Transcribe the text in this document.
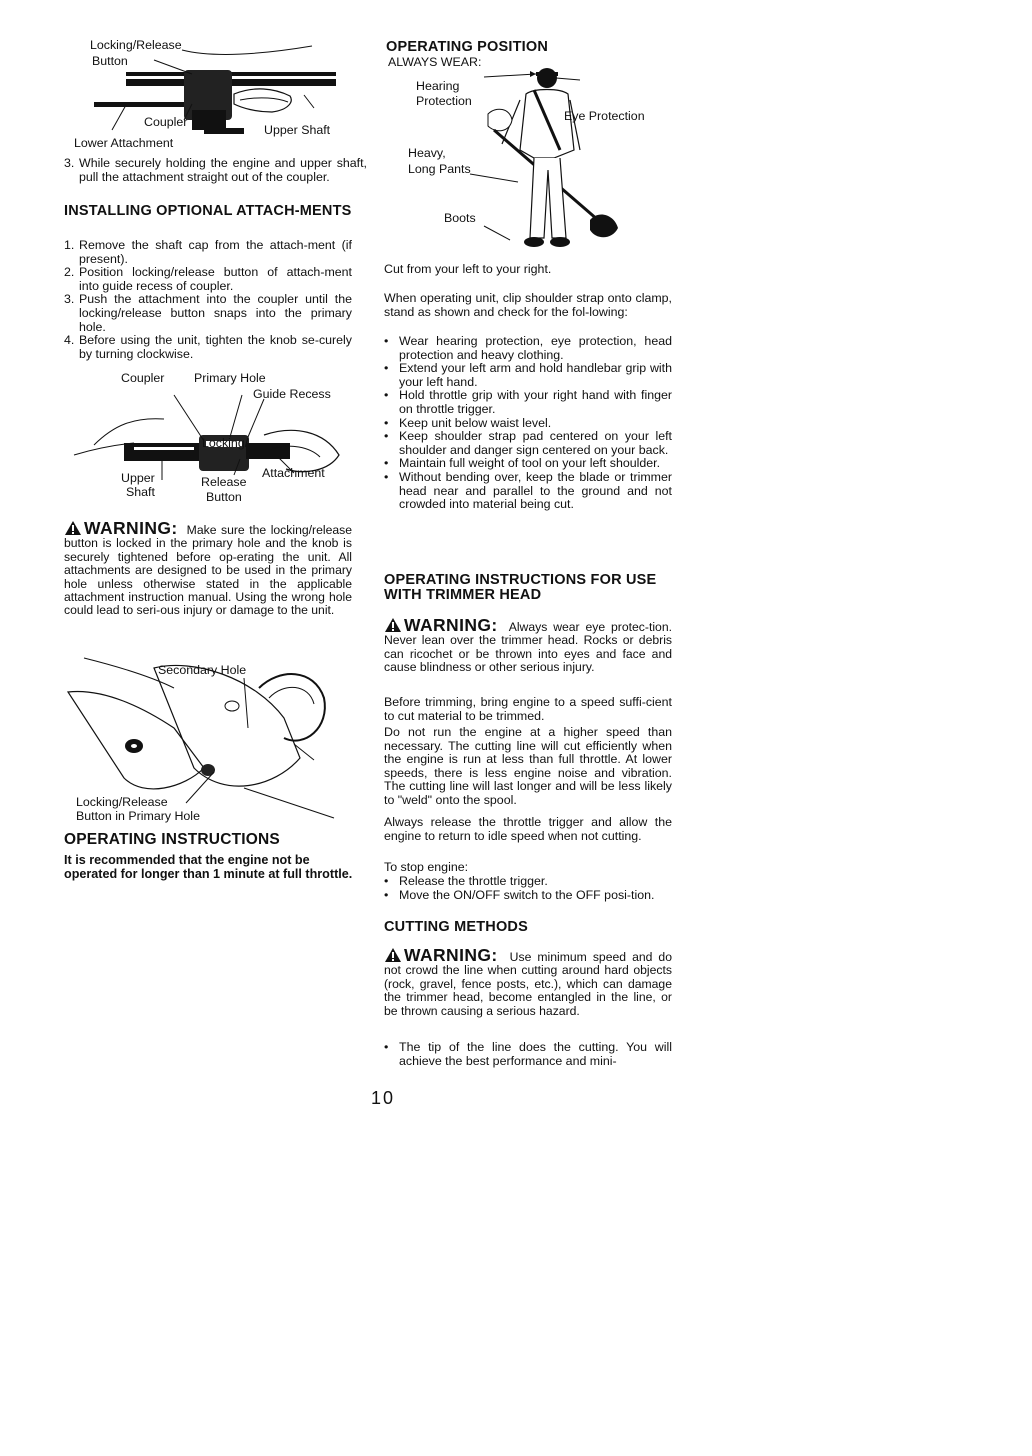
Locking/Release
Button
Coupler
Upper Shaft
Lower Attachment
3. While securely holding the engine and upper shaft, pull the attachment straight out of the coupler.
INSTALLING OPTIONAL ATTACH-MENTS
1. Remove the shaft cap from the attach-ment (if present).
2. Position locking/release button of attach-ment into guide recess of coupler.
3. Push the attachment into the coupler until the locking/release button snaps into the primary hole.
4. Before using the unit, tighten the knob se-curely by turning clockwise.
Coupler Primary Hole
Guide Recess
Locking/
Attachment
Upper	Release
Shaft	Button
WARNING: Make sure the locking/release button is locked in the primary hole and the knob is securely tightened before op-erating the unit. All attachments are designed to be used in the primary hole unless otherwise stated in the applicable attachment instruction manual. Using the wrong hole could lead to seri-ous injury or damage to the unit.
Secondary Hole
Locking/Release
Button in Primary Hole
OPERATING INSTRUCTIONS
It is recommended that the engine not be operated for longer than 1 minute at full throttle.
OPERATING POSITION
ALWAYS WEAR:
Hearing
Protection
Eye Protection
Heavy,
Long Pants
Boots
Cut from your left to your right.
When operating unit, clip shoulder strap onto clamp, stand as shown and check for the fol-lowing:
• Wear hearing protection, eye protection, head protection and heavy clothing.
• Extend your left arm and hold handlebar grip with your left hand.
• Hold throttle grip with your right hand with finger on throttle trigger.
• Keep unit below waist level.
• Keep shoulder strap pad centered on your left shoulder and danger sign centered on your back.
• Maintain full weight of tool on your left shoulder.
• Without bending over, keep the blade or trimmer head near and parallel to the ground and not crowded into material being cut.
OPERATING INSTRUCTIONS FOR USE WITH TRIMMER HEAD
WARNING: Always wear eye protec-tion. Never lean over the trimmer head. Rocks or debris can ricochet or be thrown into eyes and face and cause blindness or other serious injury.
Before trimming, bring engine to a speed suffi-cient to cut material to be trimmed.
Do not run the engine at a higher speed than necessary. The cutting line will cut efficiently when the engine is run at less than full throttle. At lower speeds, there is less engine noise and vibration. The cutting line will last longer and will be less likely to "weld" onto the spool.
Always release the throttle trigger and allow the engine to return to idle speed when not cutting.
To stop engine:
• Release the throttle trigger.
• Move the ON/OFF switch to the OFF posi-tion.
CUTTING METHODS
WARNING: Use minimum speed and do not crowd the line when cutting around hard objects (rock, gravel, fence posts, etc.), which can damage the trimmer head, become entangled in the line, or be thrown causing a serious hazard.
• The tip of the line does the cutting. You will achieve the best performance and mini-
10
